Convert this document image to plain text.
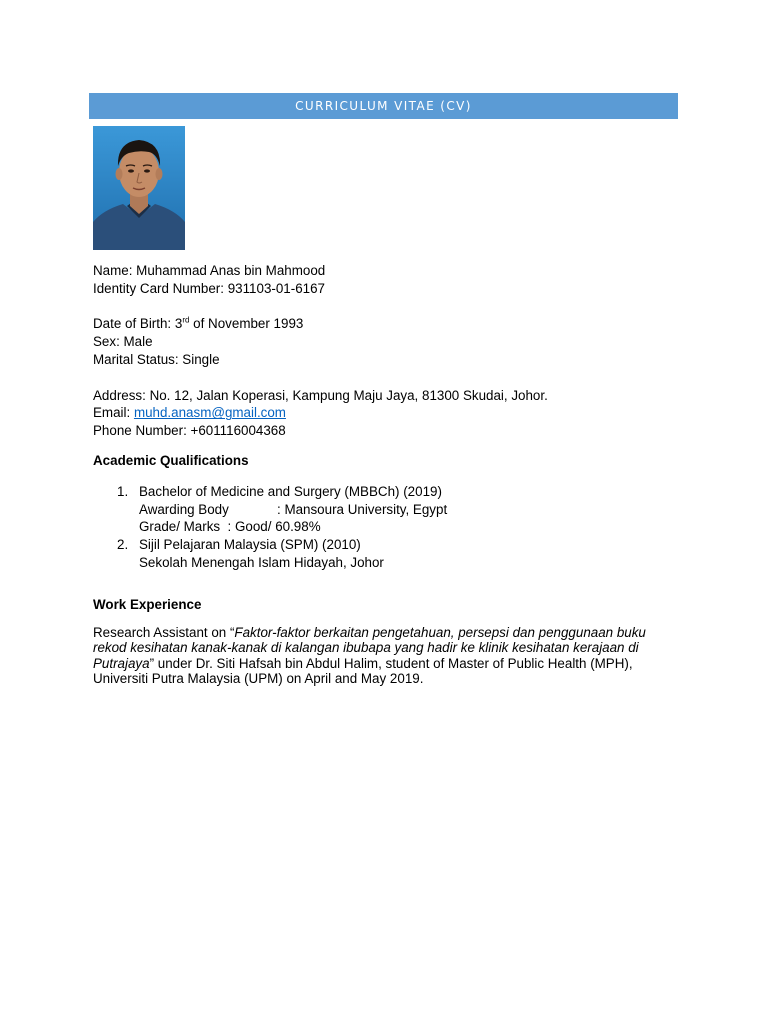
CURRICULUM VITAE (CV)
Name: Muhammad Anas bin Mahmood
Identity Card Number: 931103-01-6167
Date of Birth: 3rd of November 1993
Sex: Male
Marital Status: Single
Address: No. 12, Jalan Koperasi, Kampung Maju Jaya, 81300 Skudai, Johor.
Email: muhd.anasm@gmail.com
Phone Number: +601116004368
Academic Qualifications
1. Bachelor of Medicine and Surgery (MBBCh) (2019)
Awarding Body	: Mansoura University, Egypt
Grade/ Marks  : Good/ 60.98%
2. Sijil Pelajaran Malaysia (SPM) (2010)
Sekolah Menengah Islam Hidayah, Johor
Work Experience
Research Assistant on “Faktor-faktor berkaitan pengetahuan, persepsi dan penggunaan buku rekod kesihatan kanak-kanak di kalangan ibubapa yang hadir ke klinik kesihatan kerajaan di Putrajaya” under Dr. Siti Hafsah bin Abdul Halim, student of Master of Public Health (MPH), Universiti Putra Malaysia (UPM) on April and May 2019.
